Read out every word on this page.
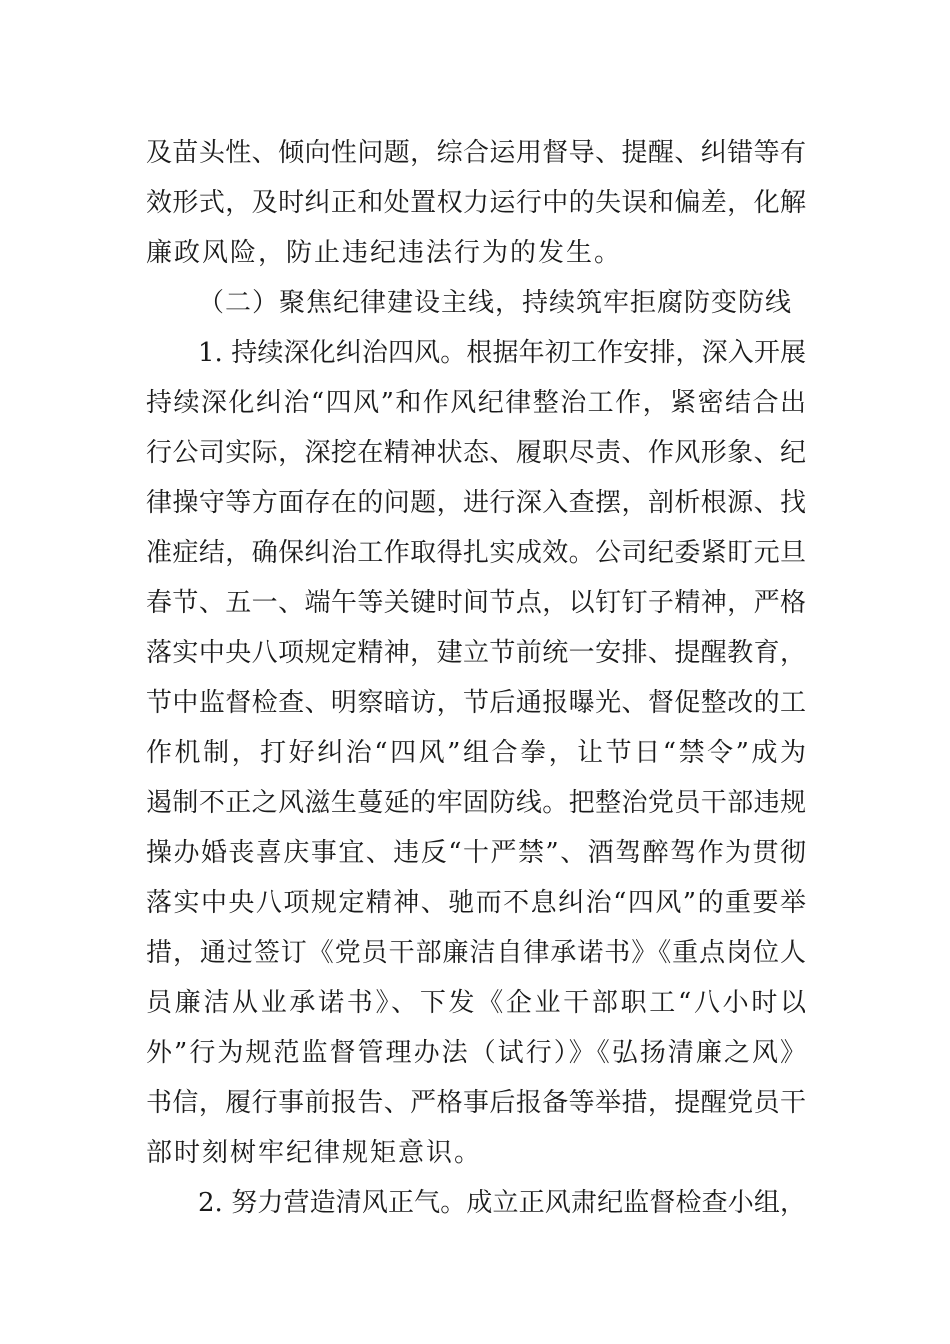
及苗头性、倾向性问题，综合运用督导、提醒、纠错等有
效形式，及时纠正和处置权力运行中的失误和偏差，化解
廉政风险，防止违纪违法行为的发生。
（二）聚焦纪律建设主线，持续筑牢拒腐防变防线
1. 持续深化纠治四风。根据年初工作安排，深入开展
持续深化纠治“四风”和作风纪律整治工作，紧密结合出
行公司实际，深挖在精神状态、履职尽责、作风形象、纪
律操守等方面存在的问题，进行深入查摆，剖析根源、找
准症结，确保纠治工作取得扎实成效。公司纪委紧盯元旦
春节、五一、端午等关键时间节点，以钉钉子精神，严格
落实中央八项规定精神，建立节前统一安排、提醒教育，
节中监督检查、明察暗访，节后通报曝光、督促整改的工
作机制，打好纠治“四风”组合拳，让节日“禁令”成为
遏制不正之风滋生蔓延的牢固防线。把整治党员干部违规
操办婚丧喜庆事宜、违反“十严禁”、酒驾醉驾作为贯彻
落实中央八项规定精神、驰而不息纠治“四风”的重要举
措，通过签订《党员干部廉洁自律承诺书》《重点岗位人
员廉洁从业承诺书》、下发《企业干部职工“八小时以
外”行为规范监督管理办法（试行）》《弘扬清廉之风》
书信，履行事前报告、严格事后报备等举措，提醒党员干
部时刻树牢纪律规矩意识。
2. 努力营造清风正气。成立正风肃纪监督检查小组，
